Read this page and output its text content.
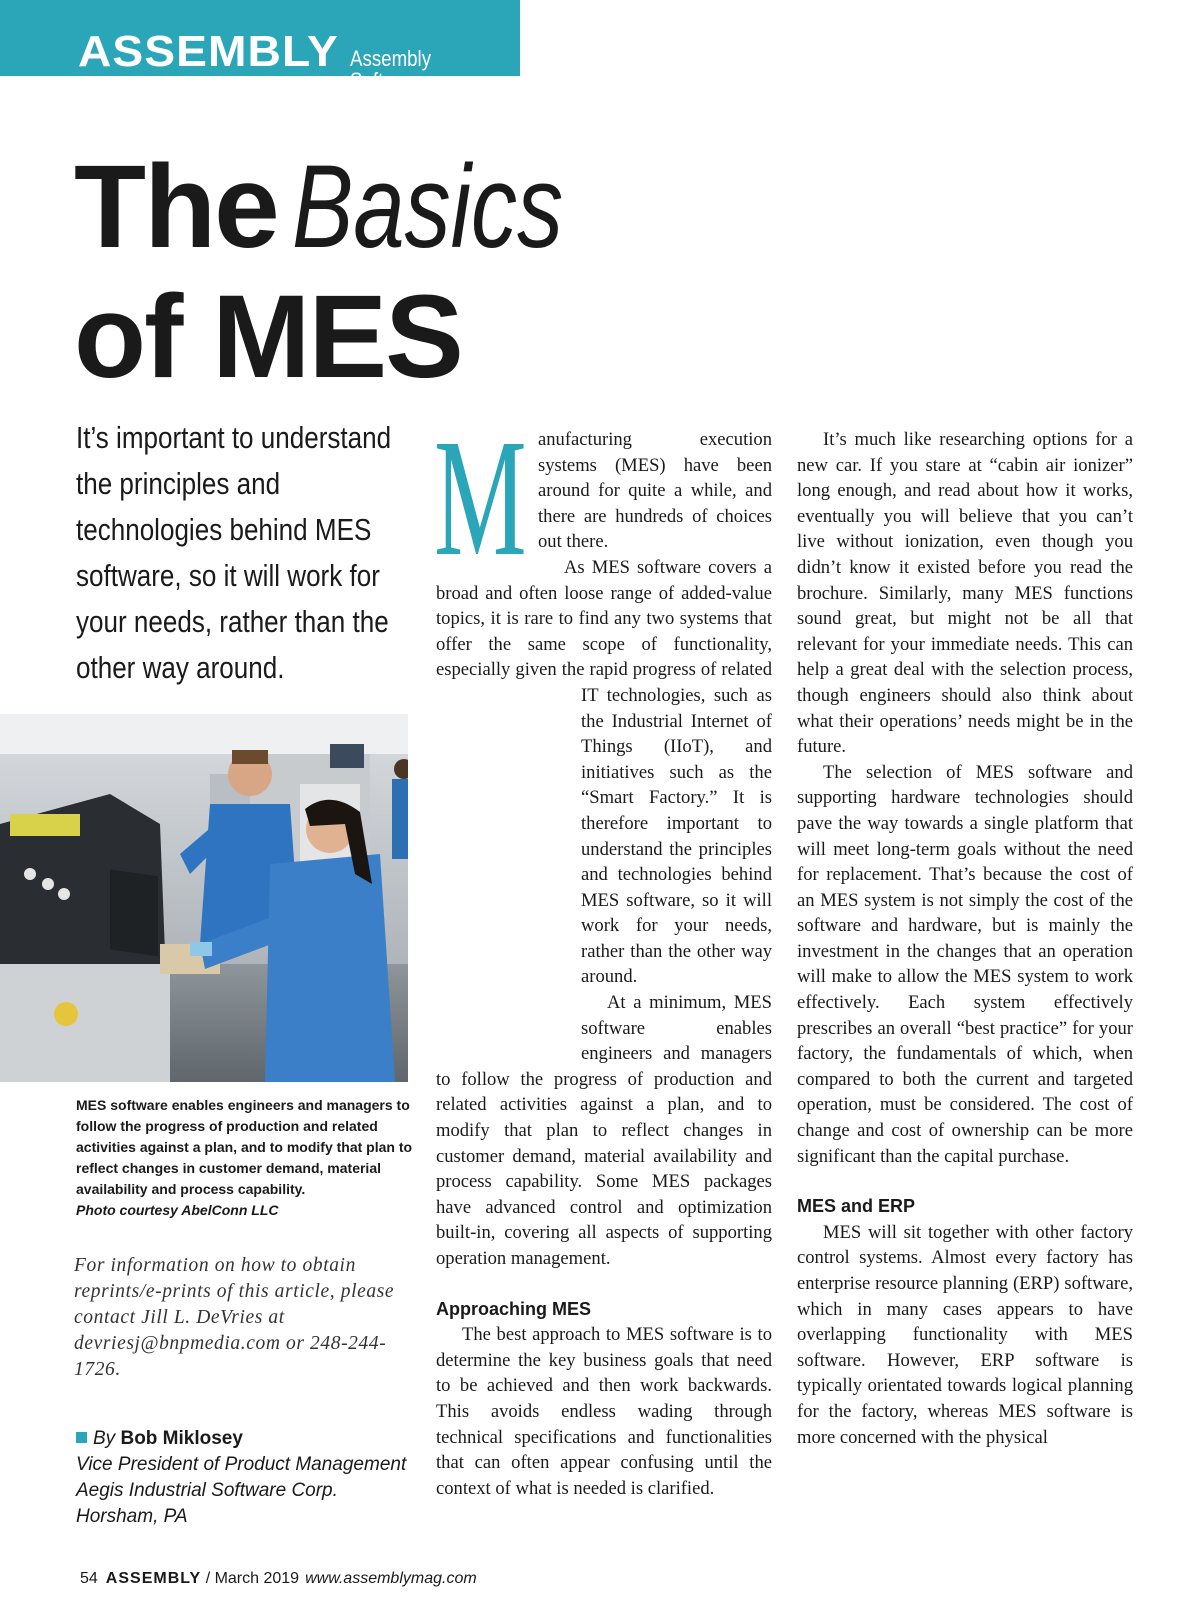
ASSEMBLY Assembly Software
The Basics
of MES
It’s important to understand the principles and technologies behind MES software, so it will work for your needs, rather than the other way around.
MES software enables engineers and managers to follow the progress of production and related activities against a plan, and to modify that plan to reflect changes in customer demand, material availability and process capability.
Photo courtesy AbelConn LLC
For information on how to obtain reprints/e-prints of this article, please contact Jill L. DeVries at devriesj@bnpmedia.com or 248-244-1726.
By Bob Miklosey
Vice President of Product Management
Aegis Industrial Software Corp.
Horsham, PA
M anufacturing execution systems (MES) have been around for quite a while, and there are hundreds of choices out there.

As MES software covers a broad and often loose range of added-value topics, it is rare to find any two systems that offer the same scope of functionality, especially given the rapid progress of related IT technologies, such as the Industrial Internet of Things (IIoT), and initiatives such as the “Smart Factory.” It is therefore important to understand the principles and technologies behind MES software, so it will work for your needs, rather than the other way around.

At a minimum, MES software enables engineers and managers to follow the progress of production and related activities against a plan, and to modify that plan to reflect changes in customer demand, material availability and process capability. Some MES packages have advanced control and optimization built-in, covering all aspects of supporting operation management.

Approaching MES

The best approach to MES software is to determine the key business goals that need to be achieved and then work backwards. This avoids endless wading through technical specifications and functionalities that can often appear confusing until the context of what is needed is clarified.

It’s much like researching options for a new car. If you stare at “cabin air ionizer” long enough, and read about how it works, eventually you will believe that you can’t live without ionization, even though you didn’t know it existed before you read the brochure. Similarly, many MES functions sound great, but might not be all that relevant for your immediate needs. This can help a great deal with the selection process, though engineers should also think about what their operations’ needs might be in the future.

The selection of MES software and supporting hardware technologies should pave the way towards a single platform that will meet long-term goals without the need for replacement. That’s because the cost of an MES system is not simply the cost of the software and hardware, but is mainly the investment in the changes that an operation will make to allow the MES system to work effectively. Each system effectively prescribes an overall “best practice” for your factory, the fundamentals of which, when compared to both the current and targeted operation, must be considered. The cost of change and cost of ownership can be more significant than the capital purchase.

MES and ERP

MES will sit together with other factory control systems. Almost every factory has enterprise resource planning (ERP) software, which in many cases appears to have overlapping functionality with MES software. However, ERP software is typically orientated towards logical planning for the factory, whereas MES software is more concerned with the physical

54 ASSEMBLY / March 2019 www.assemblymag.com
